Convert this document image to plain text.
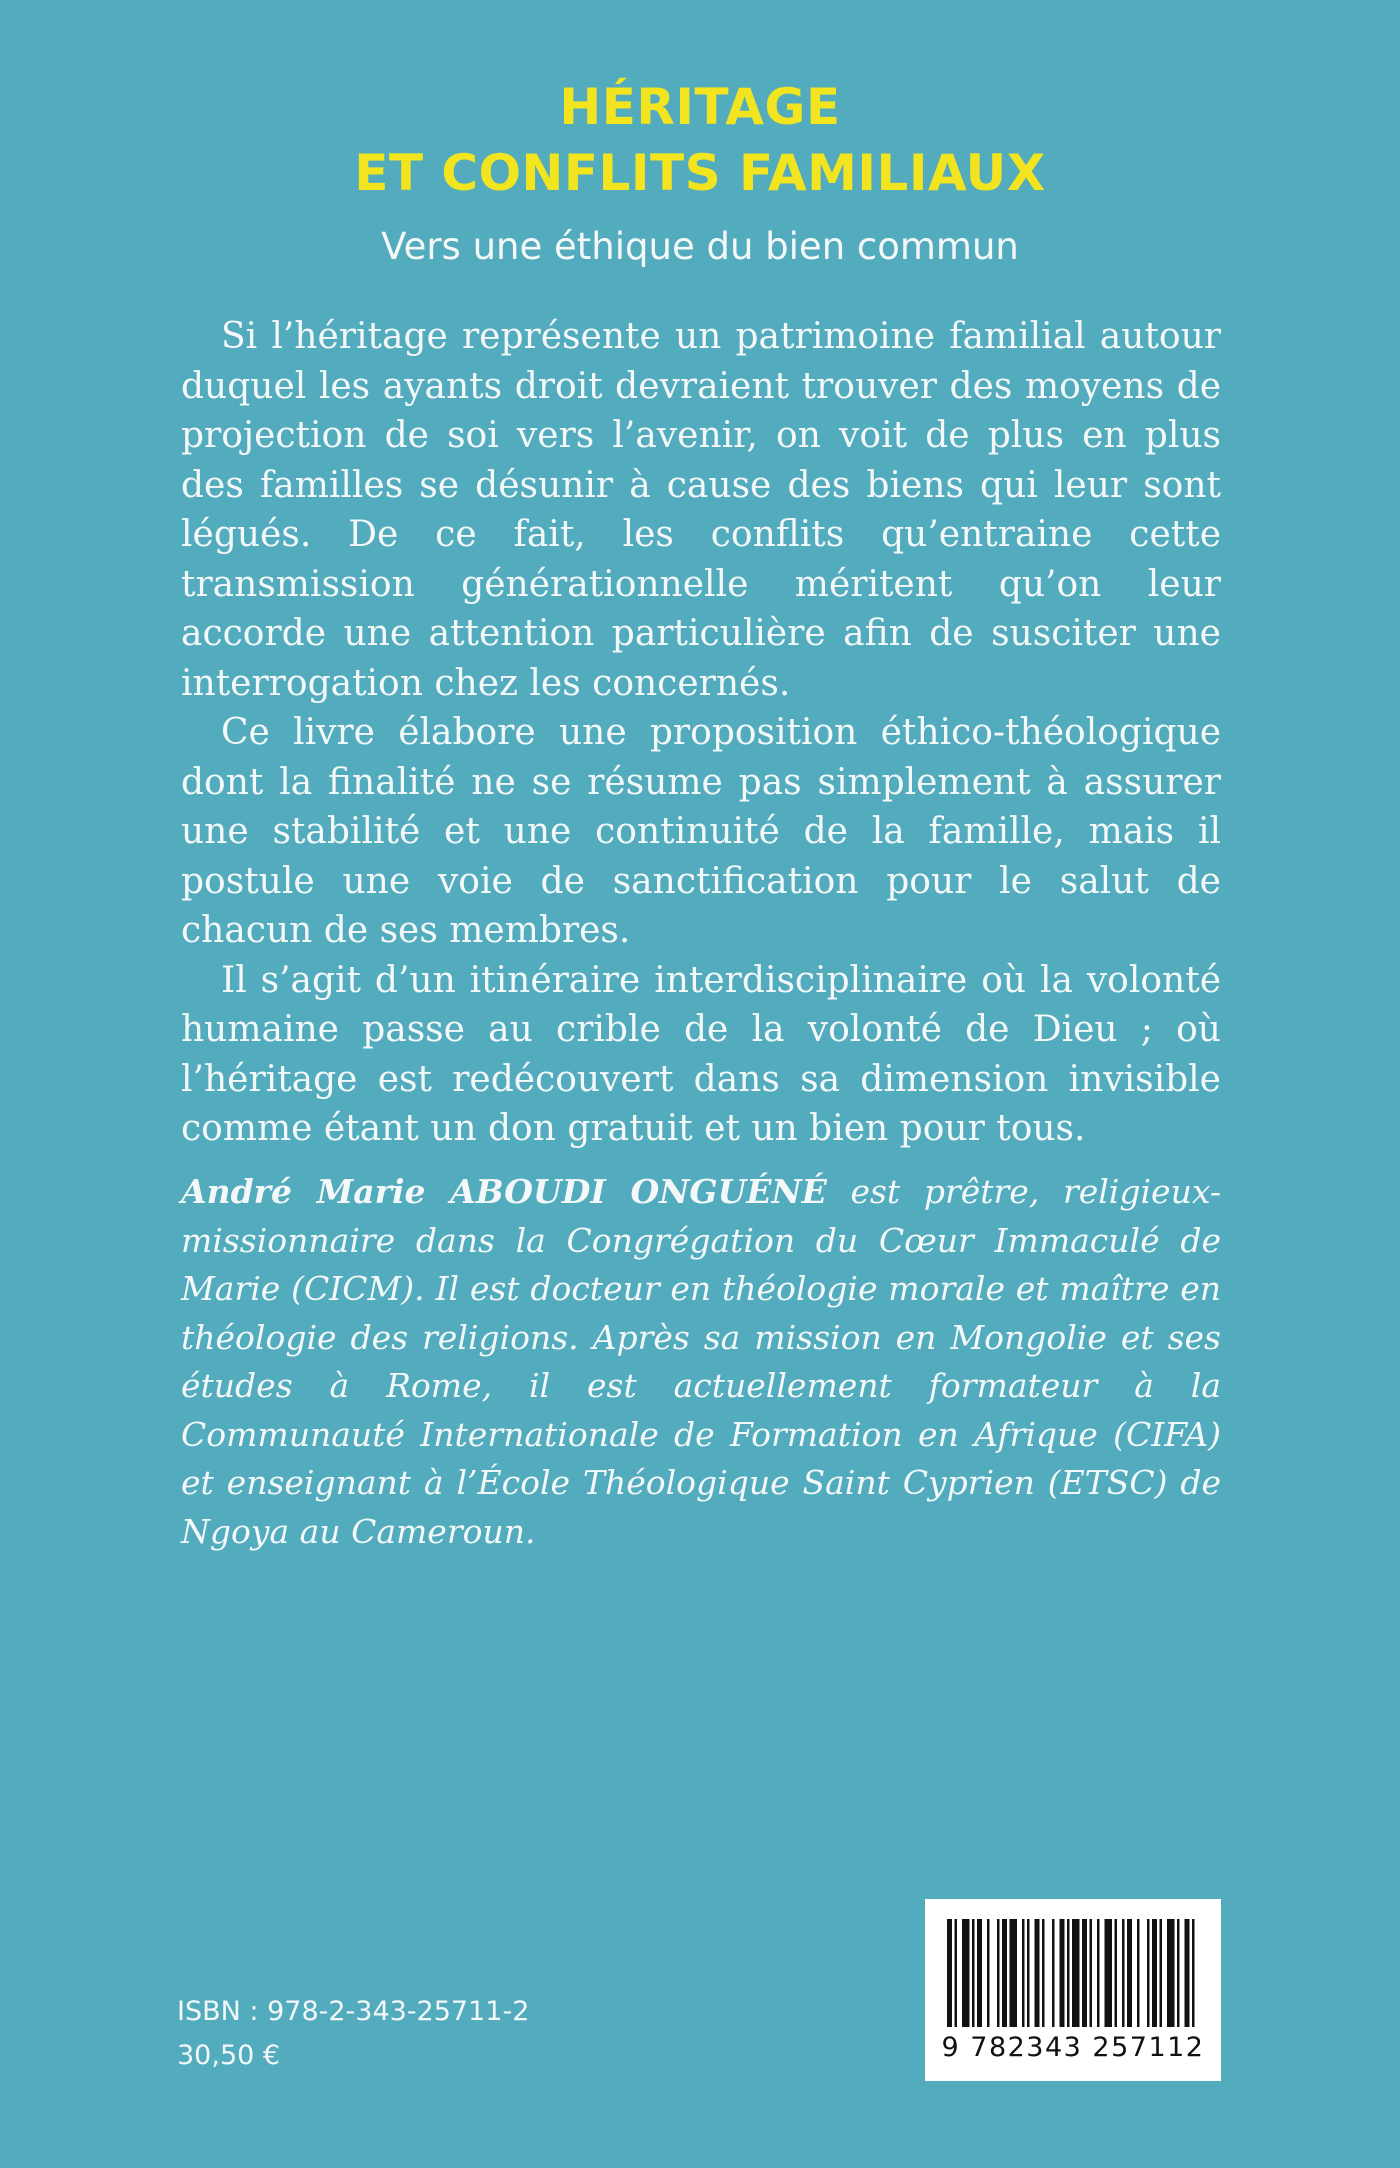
HÉRITAGE
ET CONFLITS FAMILIAUX
Vers une éthique du bien commun

Si l’héritage représente un patrimoine familial autour duquel les ayants droit devraient trouver des moyens de projection de soi vers l’avenir, on voit de plus en plus des familles se désunir à cause des biens qui leur sont légués. De ce fait, les conflits qu’entraine cette transmission générationnelle méritent qu’on leur accorde une attention particulière afin de susciter une interrogation chez les concernés.

Ce livre élabore une proposition éthico-théologique dont la finalité ne se résume pas simplement à assurer une stabilité et une continuité de la famille, mais il postule une voie de sanctification pour le salut de chacun de ses membres.

Il s’agit d’un itinéraire interdisciplinaire où la volonté humaine passe au crible de la volonté de Dieu ; où l’héritage est redécouvert dans sa dimension invisible comme étant un don gratuit et un bien pour tous.

André Marie ABOUDI ONGUÉNÉ est prêtre, religieux-missionnaire dans la Congrégation du Cœur Immaculé de Marie (CICM). Il est docteur en théologie morale et maître en théologie des religions. Après sa mission en Mongolie et ses études à Rome, il est actuellement formateur à la Communauté Internationale de Formation en Afrique (CIFA) et enseignant à l’École Théologique Saint Cyprien (ETSC) de Ngoya au Cameroun.

ISBN : 978-2-343-25711-2
30,50 €	9 782343 257112
